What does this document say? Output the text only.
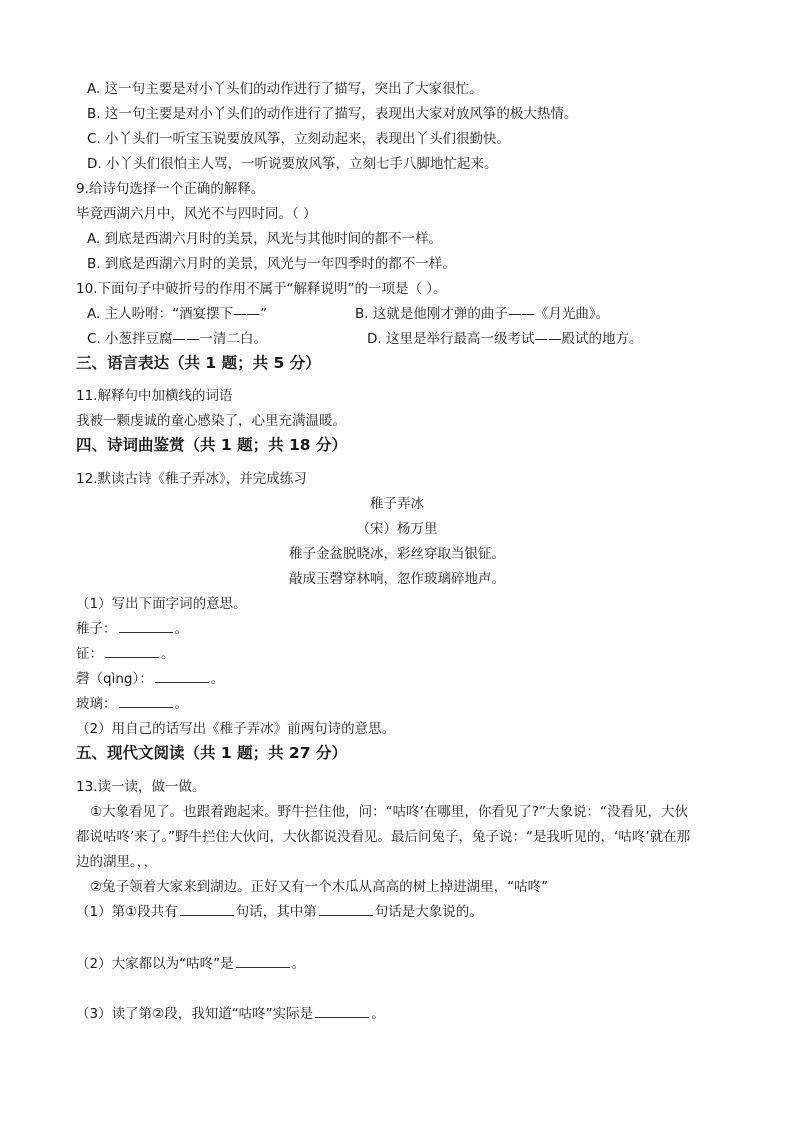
A. 这一句主要是对小丫头们的动作进行了描写，突出了大家很忙。
B. 这一句主要是对小丫头们的动作进行了描写，表现出大家对放风筝的极大热情。
C. 小丫头们一听宝玉说要放风筝，立刻动起来，表现出丫头们很勤快。
D. 小丫头们很怕主人骂，一听说要放风筝，立刻七手八脚地忙起来。
9.给诗句选择一个正确的解释。
毕竟西湖六月中，风光不与四时同。（ ）
A. 到底是西湖六月时的美景，风光与其他时间的都不一样。
B. 到底是西湖六月时的美景，风光与一年四季时的都不一样。
10.下面句子中破折号的作用不属于“解释说明”的一项是（ ）。
A. 主人吩咐：“酒宴摆下——”	B. 这就是他刚才弹的曲子——《月光曲》。
C. 小葱拌豆腐——一清二白。	D. 这里是举行最高一级考试——殿试的地方。
三、语言表达（共 1 题；共 5 分）
11.解释句中加横线的词语
我被一颗虔诚的童心感染了，心里充满温暖。
四、诗词曲鉴赏（共 1 题；共 18 分）
12.默读古诗《稚子弄冰》，并完成练习
稚子弄冰
（宋）杨万里
稚子金盆脱晓冰，彩丝穿取当银钲。
敲成玉磬穿林响，忽作玻璃碎地声。
（1）写出下面字词的意思。
稚子：	。
钲：	。
磬（qìng）：	。
玻璃：	。
（2）用自己的话写出《稚子弄冰》前两句诗的意思。
五、现代文阅读（共 1 题；共 27 分）
13.读一读，做一做。
①大象看见了。也跟着跑起来。野牛拦住他，问：“咕咚’在哪里，你看见了?”大象说：“没看见，大伙
都说咕咚’来了。”野牛拦住大伙问，大伙都说没看见。最后问兔子，兔子说：“是我听见的，‘咕咚’就在那
边的湖里。，，
②兔子领着大家来到湖边。正好又有一个木瓜从高高的树上掉进湖里，“咕咚”
（1）第①段共有	句话，其中第	句话是大象说的。
（2）大家都以为“咕咚”是	。
（3）读了第②段，我知道“咕咚”实际是	。
